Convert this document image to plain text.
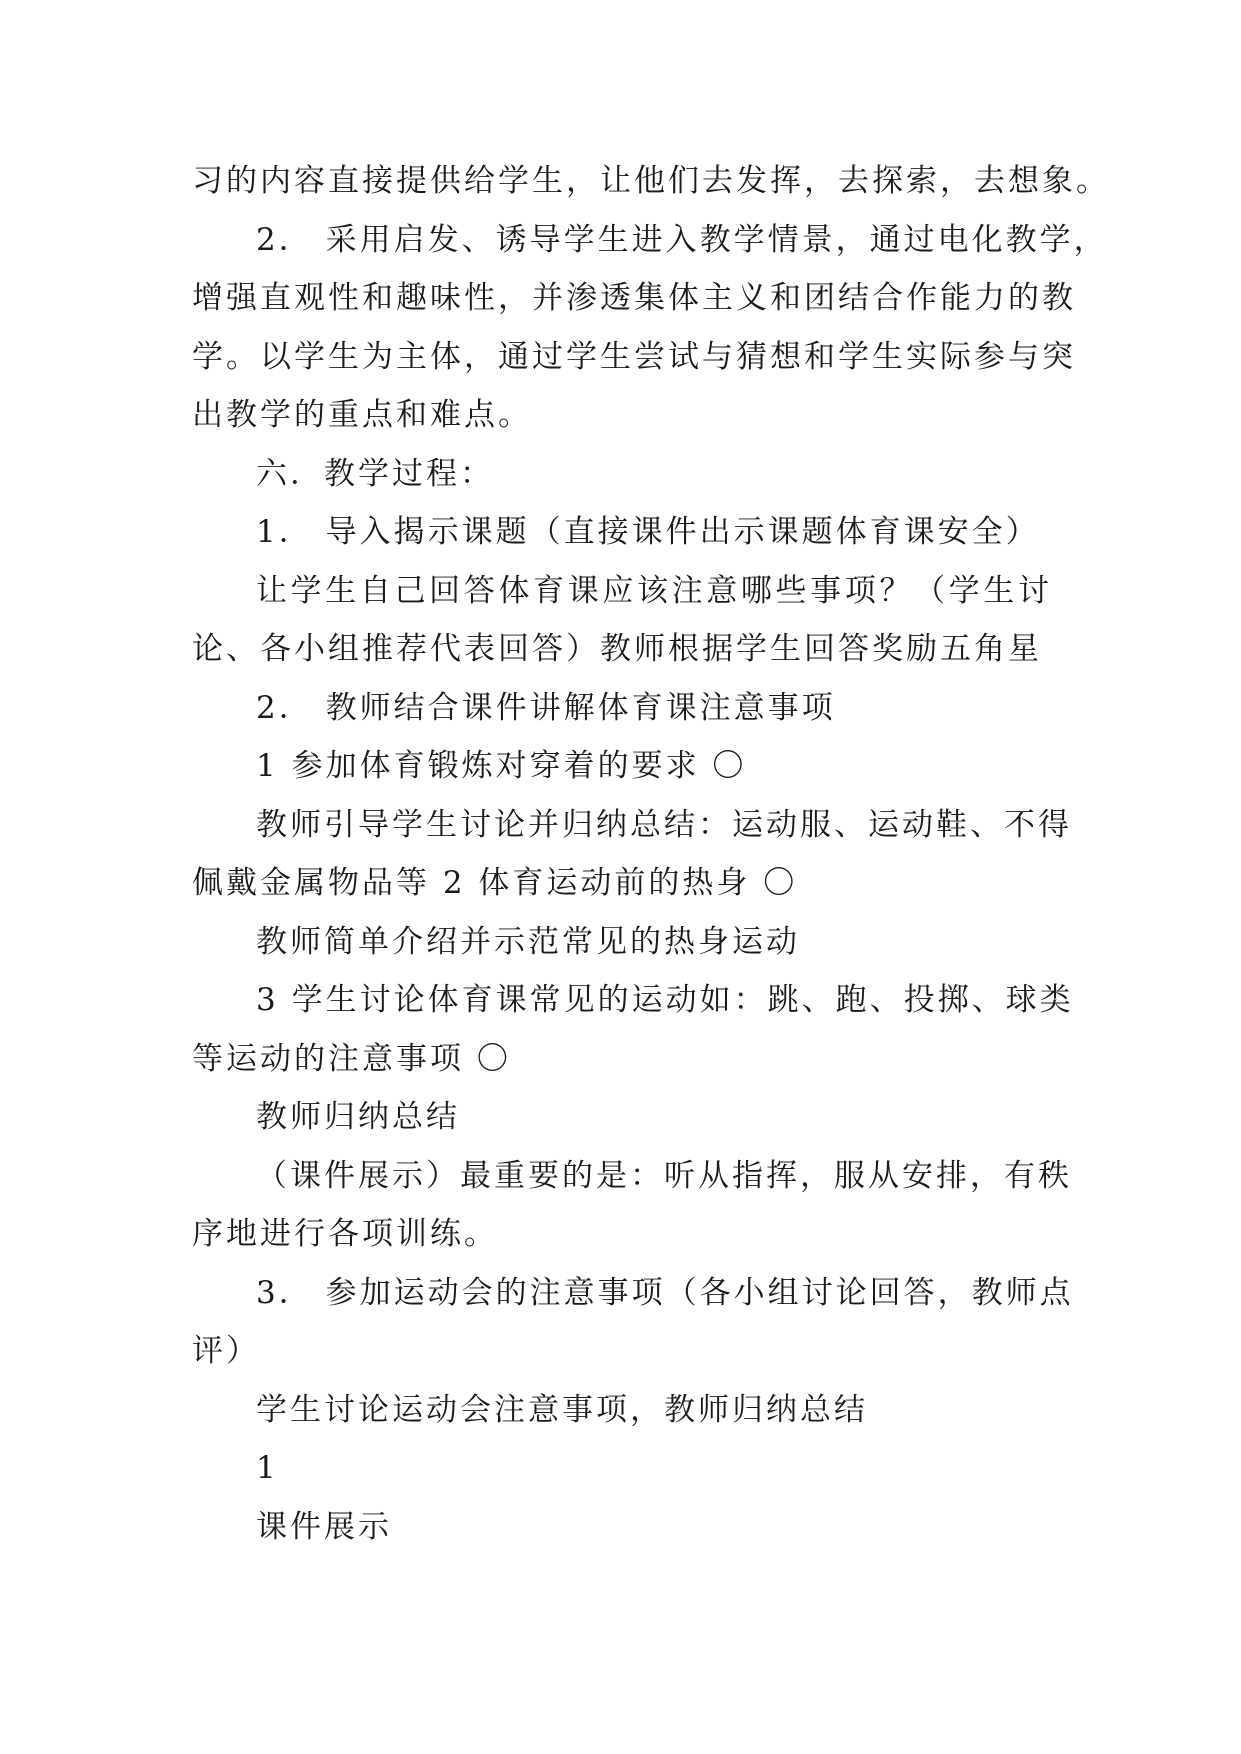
习的内容直接提供给学生，让他们去发挥，去探索，去想象。
2． 采用启发、诱导学生进入教学情景，通过电化教学，
增强直观性和趣味性，并渗透集体主义和团结合作能力的教
学。以学生为主体，通过学生尝试与猜想和学生实际参与突
出教学的重点和难点。
六．教学过程：
1． 导入揭示课题（直接课件出示课题体育课安全）
让学生自己回答体育课应该注意哪些事项？（学生讨
论、各小组推荐代表回答）教师根据学生回答奖励五角星
2． 教师结合课件讲解体育课注意事项
1 参加体育锻炼对穿着的要求 〇
教师引导学生讨论并归纳总结：运动服、运动鞋、不得
佩戴金属物品等 2 体育运动前的热身 〇
教师简单介绍并示范常见的热身运动
3 学生讨论体育课常见的运动如：跳、跑、投掷、球类
等运动的注意事项 〇
教师归纳总结
（课件展示）最重要的是：听从指挥，服从安排，有秩
序地进行各项训练。
3． 参加运动会的注意事项（各小组讨论回答，教师点
评）
学生讨论运动会注意事项，教师归纳总结
1
课件展示
